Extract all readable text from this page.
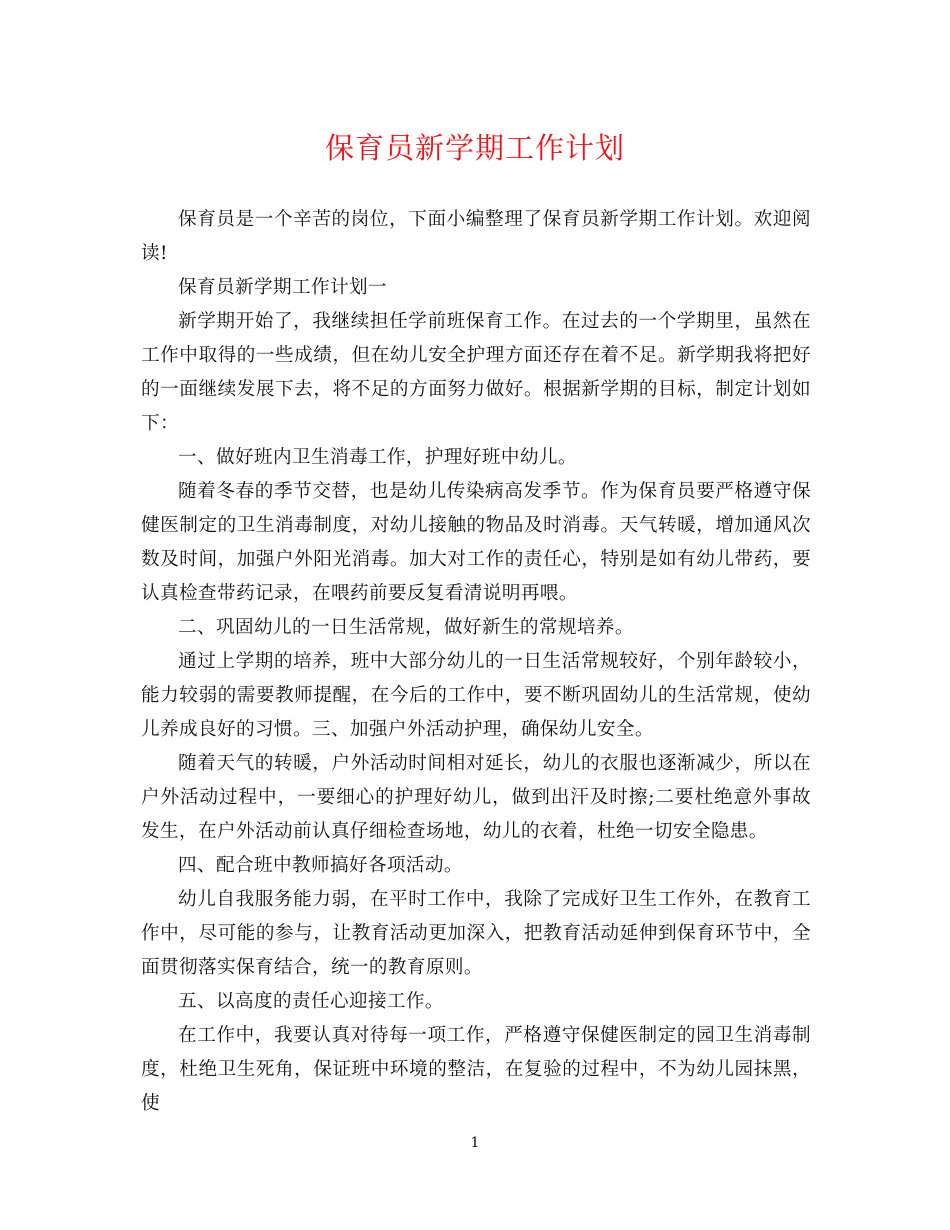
保育员新学期工作计划

保育员是一个辛苦的岗位，下面小编整理了保育员新学期工作计划。欢迎阅读!

保育员新学期工作计划一

新学期开始了，我继续担任学前班保育工作。在过去的一个学期里，虽然在工作中取得的一些成绩，但在幼儿安全护理方面还存在着不足。新学期我将把好的一面继续发展下去，将不足的方面努力做好。根据新学期的目标，制定计划如下：

一、做好班内卫生消毒工作，护理好班中幼儿。

随着冬春的季节交替，也是幼儿传染病高发季节。作为保育员要严格遵守保健医制定的卫生消毒制度，对幼儿接触的物品及时消毒。天气转暖，增加通风次数及时间，加强户外阳光消毒。加大对工作的责任心，特别是如有幼儿带药，要认真检查带药记录，在喂药前要反复看清说明再喂。

二、巩固幼儿的一日生活常规，做好新生的常规培养。

通过上学期的培养，班中大部分幼儿的一日生活常规较好，个别年龄较小，能力较弱的需要教师提醒，在今后的工作中，要不断巩固幼儿的生活常规，使幼儿养成良好的习惯。三、加强户外活动护理，确保幼儿安全。

随着天气的转暖，户外活动时间相对延长，幼儿的衣服也逐渐减少，所以在户外活动过程中，一要细心的护理好幼儿，做到出汗及时擦;二要杜绝意外事故发生，在户外活动前认真仔细检查场地，幼儿的衣着，杜绝一切安全隐患。

四、配合班中教师搞好各项活动。

幼儿自我服务能力弱，在平时工作中，我除了完成好卫生工作外，在教育工作中，尽可能的参与，让教育活动更加深入，把教育活动延伸到保育环节中，全面贯彻落实保育结合，统一的教育原则。

五、以高度的责任心迎接工作。

在工作中，我要认真对待每一项工作，严格遵守保健医制定的园卫生消毒制度，杜绝卫生死角，保证班中环境的整洁，在复验的过程中，不为幼儿园抹黑，使

1
